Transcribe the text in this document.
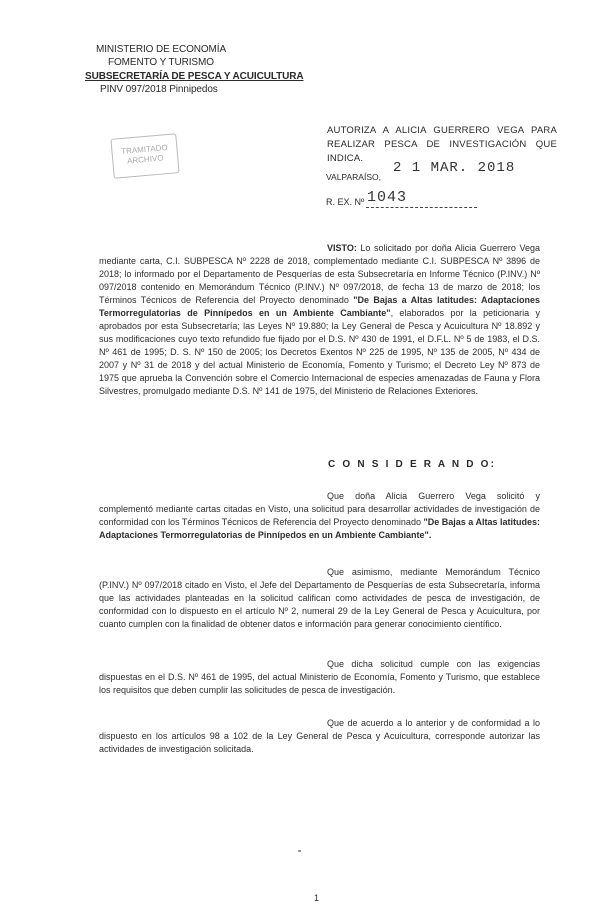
MINISTERIO DE ECONOMÍA
FOMENTO Y TURISMO
SUBSECRETARÍA DE PESCA Y ACUICULTURA
PINV 097/2018 Pinnipedos
TRAMITADO
ARCHIVO
AUTORIZA A ALICIA GUERRERO VEGA PARA REALIZAR PESCA DE INVESTIGACIÓN QUE INDICA.
VALPARAÍSO,
2 1 MAR. 2018
R. EX. Nº 1043
VISTO: Lo solicitado por doña Alicia Guerrero Vega mediante carta, C.I. SUBPESCA Nº 2228 de 2018, complementado mediante C.I. SUBPESCA Nº 3896 de 2018; lo informado por el Departamento de Pesquerías de esta Subsecretaría en Informe Técnico (P.INV.) Nº 097/2018 contenido en Memorándum Técnico (P.INV.) Nº 097/2018, de fecha 13 de marzo de 2018; los Términos Técnicos de Referencia del Proyecto denominado "De Bajas a Altas latitudes: Adaptaciones Termorregulatorias de Pinnípedos en un Ambiente Cambiante", elaborados por la peticionaria y aprobados por esta Subsecretaría; las Leyes Nº 19.880; la Ley General de Pesca y Acuicultura Nº 18.892 y sus modificaciones cuyo texto refundido fue fijado por el D.S. Nº 430 de 1991, el D.F.L. Nº 5 de 1983, el D.S. Nº 461 de 1995; D. S. Nº 150 de 2005; los Decretos Exentos Nº 225 de 1995, Nº 135 de 2005, Nº 434 de 2007 y Nº 31 de 2018 y del actual Ministerio de Economía, Fomento y Turismo; el Decreto Ley Nº 873 de 1975 que aprueba la Convención sobre el Comercio Internacional de especies amenazadas de Fauna y Flora Silvestres, promulgado mediante D.S. Nº 141 de 1975, del Ministerio de Relaciones Exteriores.
C O N S I D E R A N D O:
Que doña Alicia Guerrero Vega solicitó y complementó mediante cartas citadas en Visto, una solicitud para desarrollar actividades de investigación de conformidad con los Términos Técnicos de Referencia del Proyecto denominado "De Bajas a Altas latitudes: Adaptaciones Termorregulatorias de Pinnípedos en un Ambiente Cambiante".
Que asimismo, mediante Memorándum Técnico (P.INV.) Nº 097/2018 citado en Visto, el Jefe del Departamento de Pesquerías de esta Subsecretaría, informa que las actividades planteadas en la solicitud califican como actividades de pesca de investigación, de conformidad con lo dispuesto en el artículo Nº 2, numeral 29 de la Ley General de Pesca y Acuicultura, por cuanto cumplen con la finalidad de obtener datos e información para generar conocimiento científico.
Que dicha solicitud cumple con las exigencias dispuestas en el D.S. Nº 461 de 1995, del actual Ministerio de Economía, Fomento y Turismo, que establece los requisitos que deben cumplir las solicitudes de pesca de investigación.
Que de acuerdo a lo anterior y de conformidad a lo dispuesto en los artículos 98 a 102 de la Ley General de Pesca y Acuicultura, corresponde autorizar las actividades de investigación solicitada.
1
